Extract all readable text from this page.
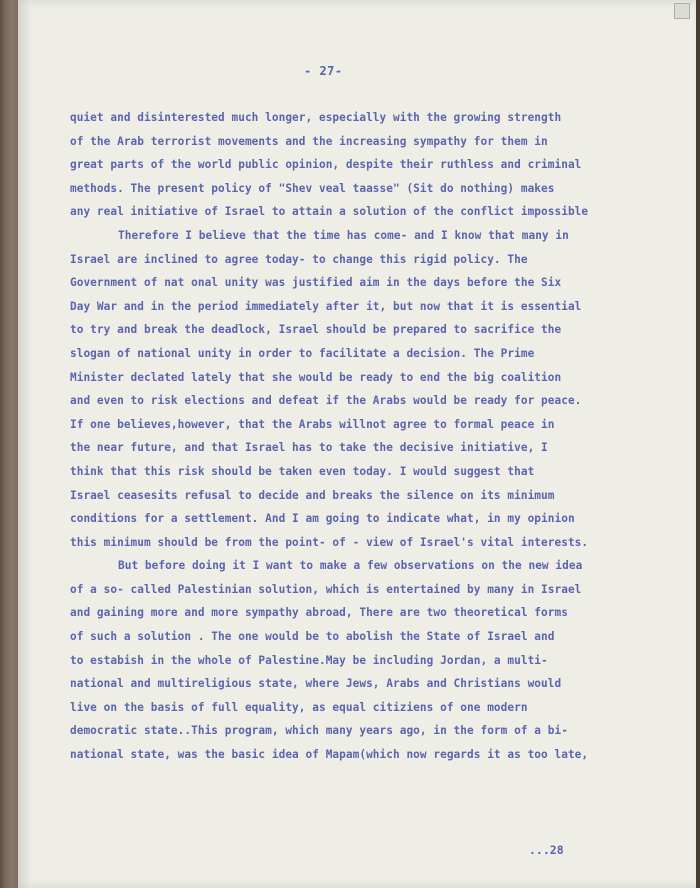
- 27-
quiet and disinterested much longer, especially with the growing strength
of the Arab terrorist movements and the increasing sympathy for them in
great parts of the world public opinion, despite their ruthless and criminal
methods. The present policy of "Shev veal taasse" (Sit do nothing) makes
any real initiative of Israel to attain a solution of the conflict impossible
Therefore I believe that the time has come- and I know that many in
Israel are inclined to agree today- to change this rigid policy. The
Government of nat onal unity was justified aim in the days before the Six
Day War and in the period immediately after it, but now that it is essential
to try and break the deadlock, Israel should be prepared to sacrifice the
slogan of national unity in order to facilitate a decision. The Prime
Minister declated lately that she would be ready to end the big coalition
and even to risk elections and defeat if the Arabs would be ready for peace.
If one believes,however, that the Arabs willnot agree to formal peace in
the near future, and that Israel has to take the decisive initiative, I
think that this risk should be taken even today. I would suggest that
Israel ceasesits refusal to decide and breaks the silence on its minimum
conditions for a settlement. And I am going to indicate what, in my opinion
this minimum should be from the point- of - view of Israel's vital interests.
But before doing it I want to make a few observations on the new idea
of a so- called Palestinian solution, which is entertained by many in Israel
and gaining more and more sympathy abroad, There are two theoretical forms
of such a solution . The one would be to abolish the State of Israel and
to estabish in the whole of Palestine.May be including Jordan, a multi-
national and multireligious state, where Jews, Arabs and Christians would
live on the basis of full equality, as equal citiziens of one modern
democratic state..This program, which many years ago, in the form of a bi-
national state, was the basic idea of Mapam(which now regards it as too late,
...28
